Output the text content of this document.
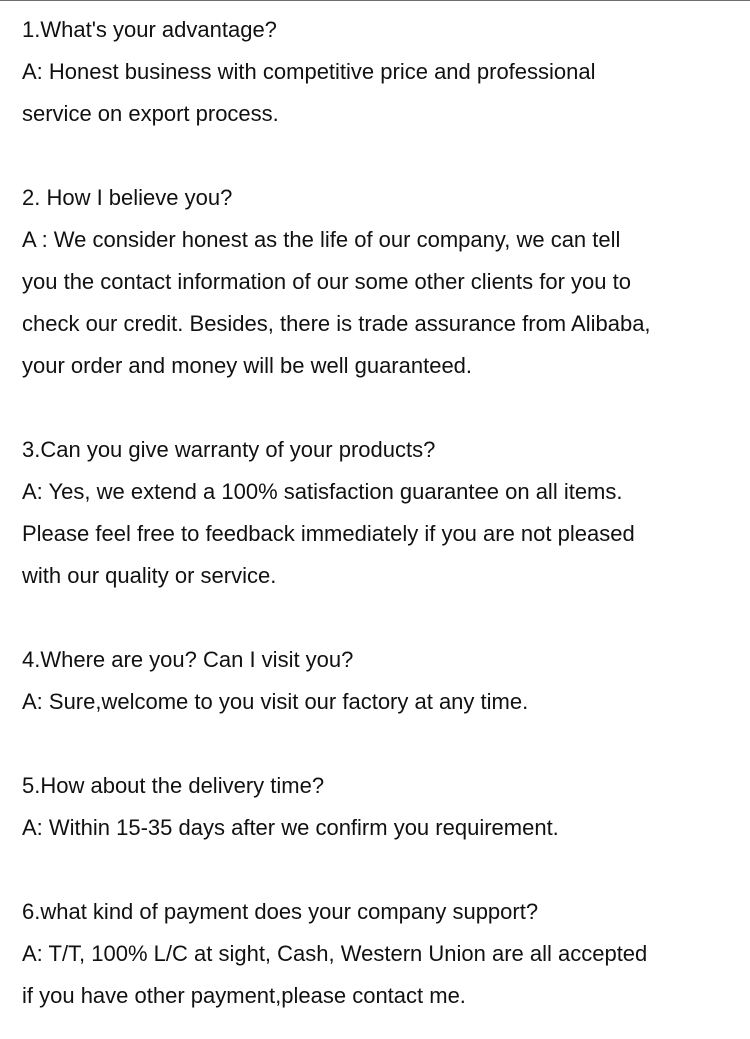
1.What's your advantage?
A: Honest business with competitive price and professional
service on export process.
2. How I believe you?
A : We consider honest as the life of our company, we can tell
you the contact information of our some other clients for you to
check our credit. Besides, there is trade assurance from Alibaba,
your order and money will be well guaranteed.
3.Can you give warranty of your products?
A: Yes, we extend a 100% satisfaction guarantee on all items.
Please feel free to feedback immediately if you are not pleased
with our quality or service.
4.Where are you? Can I visit you?
A: Sure,welcome to you visit our factory at any time.
5.How about the delivery time?
A: Within 15-35 days after we confirm you requirement.
6.what kind of payment does your company support?
A: T/T, 100% L/C at sight, Cash, Western Union are all accepted
if you have other payment,please contact me.
